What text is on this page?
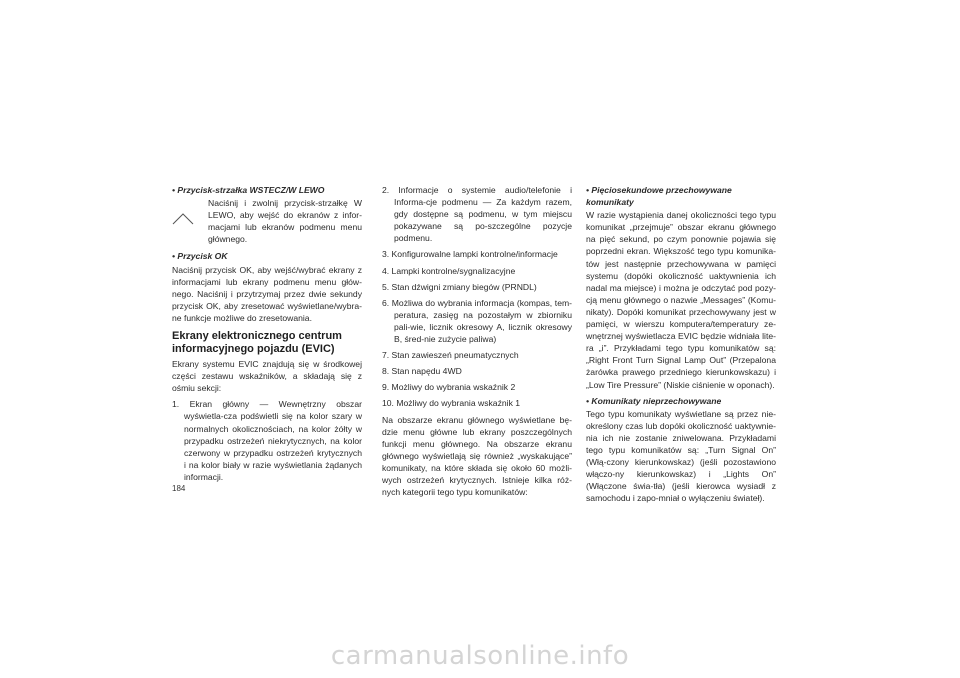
• Przycisk-strzałka WSTECZ/W LEWO

Naciśnij i zwolnij przycisk-strzałkę W LEWO, aby wejść do ekranów z infor-macjami lub ekranów podmenu menu głównego.

• Przycisk OK

Naciśnij przycisk OK, aby wejść/wybrać ekrany z informacjami lub ekrany podmenu menu głów-nego. Naciśnij i przytrzymaj przez dwie sekundy przycisk OK, aby zresetować wyświetlane/wybra-ne funkcje możliwe do zresetowania.

Ekrany elektronicznego centrum informacyjnego pojazdu (EVIC)

Ekrany systemu EVIC znajdują się w środkowej części zestawu wskaźników, a składają się z ośmiu sekcji:

1. Ekran główny — Wewnętrzny obszar wyświetla-cza podświetli się na kolor szary w normalnych okolicznościach, na kolor żółty w przypadku ostrzeżeń niekrytycznych, na kolor czerwony w przypadku ostrzeżeń krytycznych i na kolor biały w razie wyświetlania żądanych informacji.

2. Informacje o systemie audio/telefonie i Informa-cje podmenu — Za każdym razem, gdy dostępne są podmenu, w tym miejscu pokazywane są po-szczególne pozycje podmenu.

3. Konfigurowalne lampki kontrolne/informacje

4. Lampki kontrolne/sygnalizacyjne

5. Stan dźwigni zmiany biegów (PRNDL)

6. Możliwa do wybrania informacja (kompas, tem-peratura, zasięg na pozostałym w zbiorniku pali-wie, licznik okresowy A, licznik okresowy B, śred-nie zużycie paliwa)

7. Stan zawieszeń pneumatycznych

8. Stan napędu 4WD

9. Możliwy do wybrania wskaźnik 2

10. Możliwy do wybrania wskaźnik 1

Na obszarze ekranu głównego wyświetlane bę-dzie menu główne lub ekrany poszczególnych funkcji menu głównego. Na obszarze ekranu głównego wyświetlają się również „wyskakujące” komunikaty, na które składa się około 60 możli-wych ostrzeżeń krytycznych. Istnieje kilka róż-nych kategorii tego typu komunikatów:

• Pięciosekundowe przechowywane komunikaty

W razie wystąpienia danej okoliczności tego typu komunikat „przejmuje” obszar ekranu głównego na pięć sekund, po czym ponownie pojawia się poprzedni ekran. Większość tego typu komunika-tów jest następnie przechowywana w pamięci systemu (dopóki okoliczność uaktywnienia ich nadal ma miejsce) i można je odczytać pod pozy-cją menu głównego o nazwie „Messages” (Komu-nikaty). Dopóki komunikat przechowywany jest w pamięci, w wierszu komputera/temperatury ze-wnętrznej wyświetlacza EVIC będzie widniała lite-ra „i”. Przykładami tego typu komunikatów są: „Right Front Turn Signal Lamp Out” (Przepalona żarówka prawego przedniego kierunkowskazu) i „Low Tire Pressure” (Niskie ciśnienie w oponach).

• Komunikaty nieprzechowywane

Tego typu komunikaty wyświetlane są przez nie-określony czas lub dopóki okoliczność uaktywnie-nia ich nie zostanie zniwelowana. Przykładami tego typu komunikatów są: „Turn Signal On” (Włą-czony kierunkowskaz) (jeśli pozostawiono włączo-ny kierunkowskaz) i „Lights On” (Włączone świa-tła) (jeśli kierowca wysiadł z samochodu i zapo-mniał o wyłączeniu świateł).

184
carmanualsonline.info
